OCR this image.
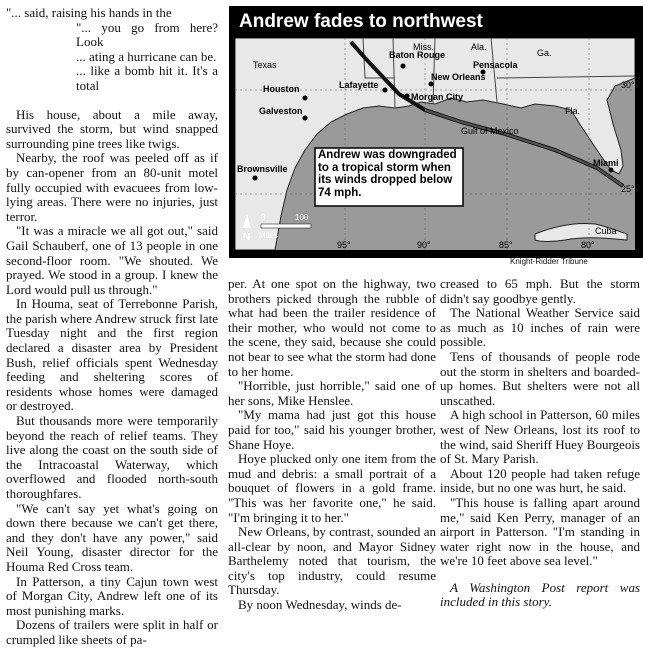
"... said, raising his hands in the

"... you go from here? Look

... ating a hurricane can be.

... like a bomb hit it. It's a total

His house, about a mile away, survived the storm, but wind snapped surrounding pine trees like twigs.

Nearby, the roof was peeled off as if by can-opener from an 80-unit motel fully occupied with evacuees from low-lying areas. There were no injuries, just terror.

"It was a miracle we all got out," said Gail Schauberf, one of 13 people in one second-floor room. "We shouted. We prayed. We stood in a group. I knew the Lord would pull us through."

In Houma, seat of Terrebonne Parish, the parish where Andrew struck first late Tuesday night and the first region declared a disaster area by President Bush, relief officials spent Wednesday feeding and sheltering scores of residents whose homes were damaged or destroyed.

But thousands more were temporarily beyond the reach of relief teams. They live along the coast on the south side of the Intracoastal Waterway, which overflowed and flooded north-south thoroughfares.

"We can't say yet what's going on down there because we can't get there, and they don't have any power," said Neil Young, disaster director for the Houma Red Cross team.

In Patterson, a tiny Cajun town west of Morgan City, Andrew left one of its most punishing marks.

Dozens of trailers were split in half or crumpled like sheets of pa-

per. At one spot on the highway, two brothers picked through the rubble of what had been the trailer residence of their mother, who would not come to the scene, they said, because she could not bear to see what the storm had done to her home.

"Horrible, just horrible," said one of her sons, Mike Henslee.

"My mama had just got this house paid for too," said his younger brother, Shane Hoye.

Hoye plucked only one item from the mud and debris: a small portrait of a bouquet of flowers in a gold frame. "This was her favorite one," he said. "I'm bringing it to her."

New Orleans, by contrast, sounded an all-clear by noon, and Mayor Sidney Barthelemy noted that tourism, the city's top industry, could resume Thursday.

By noon Wednesday, winds de-

creased to 65 mph. But the storm didn't say goodbye gently.

The National Weather Service said as much as 10 inches of rain were possible.

Tens of thousands of people rode out the storm in shelters and boarded-up homes. But shelters were not all unscathed.

A high school in Patterson, 60 miles west of New Orleans, lost its roof to the wind, said Sheriff Huey Bourgeois of St. Mary Parish.

About 120 people had taken refuge inside, but no one was hurt, he said.

"This house is falling apart around me," said Ken Perry, manager of an airport in Patterson. "I'm standing in water right now in the house, and we're 10 feet above sea level."

A Washington Post report was included in this story.

Andrew fades to northwest
Texas
Miss.	Ala.
Ga.
Fla.
Houston	Lafayette
Baton Rouge
New Orleans
Pensacola
Galveston
Morgan City
Brownsville
Miami
Gulf of Mexico
Cuba
30°
25°
95°	90°	85°	80°
Andrew was downgraded to a tropical storm when its winds dropped below 74 mph.
N
0	100
Miles
Knight-Ridder Tribune
